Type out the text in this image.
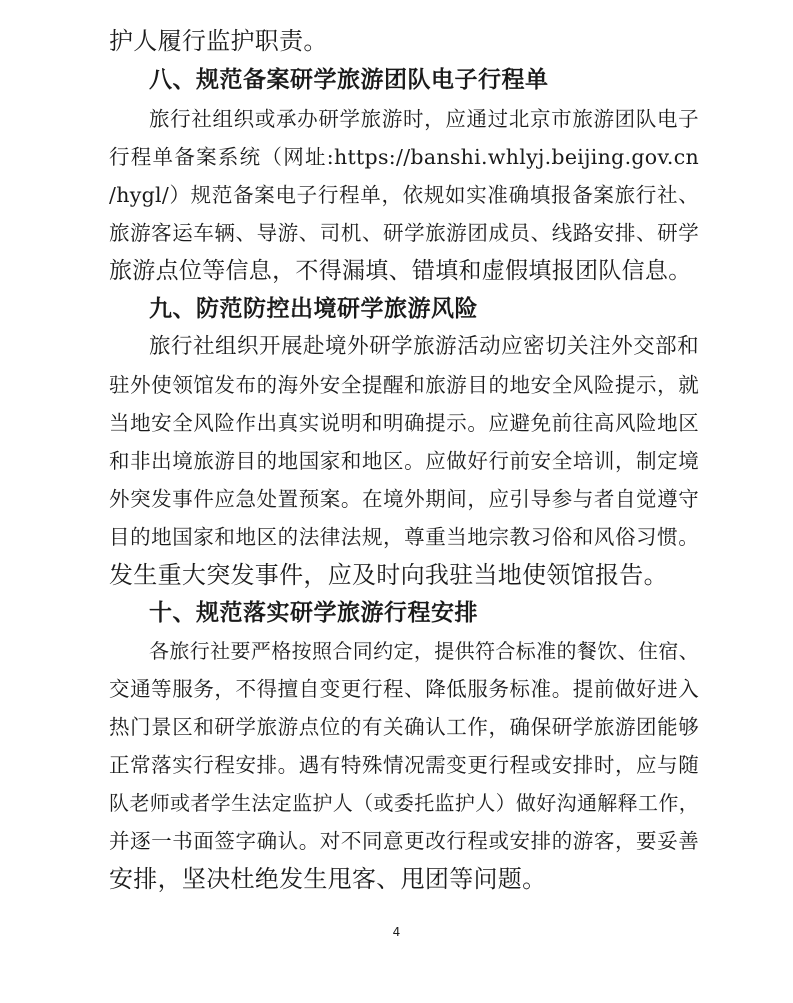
护人履行监护职责。
八、规范备案研学旅游团队电子行程单
旅行社组织或承办研学旅游时，应通过北京市旅游团队电子
行程单备案系统（网址:https://banshi.whlyj.beijing.gov.cn
/hygl/）规范备案电子行程单，依规如实准确填报备案旅行社、
旅游客运车辆、导游、司机、研学旅游团成员、线路安排、研学
旅游点位等信息，不得漏填、错填和虚假填报团队信息。
九、防范防控出境研学旅游风险
旅行社组织开展赴境外研学旅游活动应密切关注外交部和
驻外使领馆发布的海外安全提醒和旅游目的地安全风险提示，就
当地安全风险作出真实说明和明确提示。应避免前往高风险地区
和非出境旅游目的地国家和地区。应做好行前安全培训，制定境
外突发事件应急处置预案。在境外期间，应引导参与者自觉遵守
目的地国家和地区的法律法规，尊重当地宗教习俗和风俗习惯。
发生重大突发事件，应及时向我驻当地使领馆报告。
十、规范落实研学旅游行程安排
各旅行社要严格按照合同约定，提供符合标准的餐饮、住宿、
交通等服务，不得擅自变更行程、降低服务标准。提前做好进入
热门景区和研学旅游点位的有关确认工作，确保研学旅游团能够
正常落实行程安排。遇有特殊情况需变更行程或安排时，应与随
队老师或者学生法定监护人（或委托监护人）做好沟通解释工作，
并逐一书面签字确认。对不同意更改行程或安排的游客，要妥善
安排，坚决杜绝发生甩客、甩团等问题。
4
